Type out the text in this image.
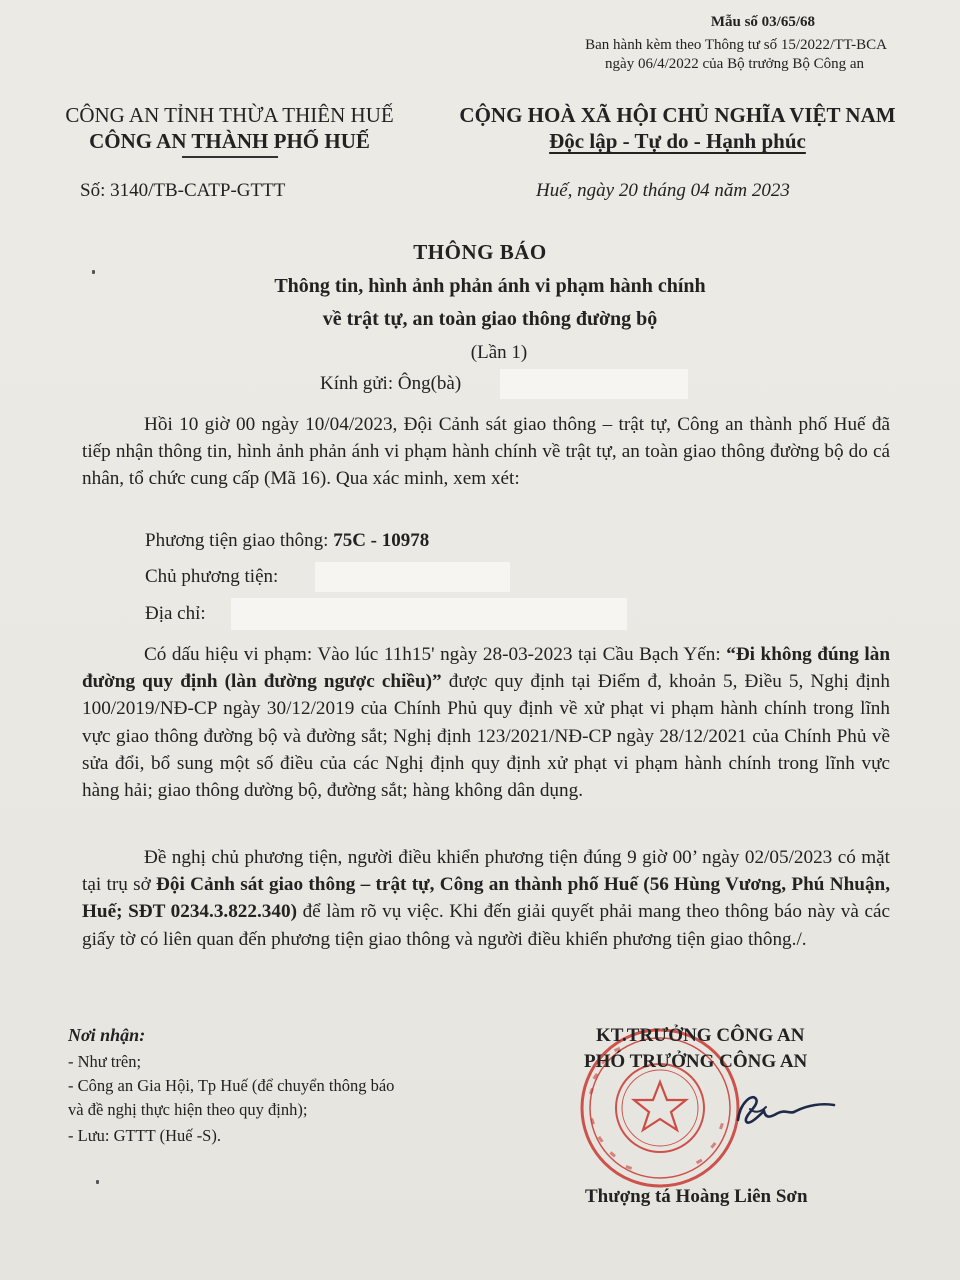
Mẫu số 03/65/68
Ban hành kèm theo Thông tư số 15/2022/TT-BCA
ngày 06/4/2022 của Bộ trưởng Bộ Công an
CÔNG AN TỈNH THỪA THIÊN HUẾ
CÔNG AN THÀNH PHỐ HUẾ
CỘNG HOÀ XÃ HỘI CHỦ NGHĨA VIỆT NAM
Độc lập - Tự do - Hạnh phúc
Số: 3140/TB-CATP-GTTT	Huế, ngày 20 tháng 04 năm 2023
THÔNG BÁO
Thông tin, hình ảnh phản ánh vi phạm hành chính
về trật tự, an toàn giao thông đường bộ
(Lần 1)
Kính gửi: Ông(bà)
Hồi 10 giờ 00 ngày 10/04/2023, Đội Cảnh sát giao thông – trật tự, Công an thành phố Huế đã tiếp nhận thông tin, hình ảnh phản ánh vi phạm hành chính về trật tự, an toàn giao thông đường bộ do cá nhân, tổ chức cung cấp (Mã 16). Qua xác minh, xem xét:
Phương tiện giao thông: 75C - 10978
Chủ phương tiện:
Địa chỉ:
Có dấu hiệu vi phạm: Vào lúc 11h15' ngày 28-03-2023 tại Cầu Bạch Yến: “Đi không đúng làn đường quy định (làn đường ngược chiều)” được quy định tại Điểm đ, khoản 5, Điều 5, Nghị định 100/2019/NĐ-CP ngày 30/12/2019 của Chính Phủ quy định về xử phạt vi phạm hành chính trong lĩnh vực giao thông đường bộ và đường sắt; Nghị định 123/2021/NĐ-CP ngày 28/12/2021 của Chính Phủ về sửa đổi, bổ sung một số điều của các Nghị định quy định xử phạt vi phạm hành chính trong lĩnh vực hàng hải; giao thông dường bộ, đường sắt; hàng không dân dụng.
Đề nghị chủ phương tiện, người điều khiển phương tiện đúng 9 giờ 00’ ngày 02/05/2023 có mặt tại trụ sở Đội Cảnh sát giao thông – trật tự, Công an thành phố Huế (56 Hùng Vương, Phú Nhuận, Huế; SĐT 0234.3.822.340) để làm rõ vụ việc. Khi đến giải quyết phải mang theo thông báo này và các giấy tờ có liên quan đến phương tiện giao thông và người điều khiển phương tiện giao thông./.
Nơi nhận:
- Như trên;
- Công an Gia Hội, Tp Huế (để chuyển thông báo
và đề nghị thực hiện theo quy định);
- Lưu: GTTT (Huế -S).
KT.TRƯỞNG CÔNG AN
PHÓ TRƯỞNG CÔNG AN
Thượng tá Hoàng Liên Sơn
